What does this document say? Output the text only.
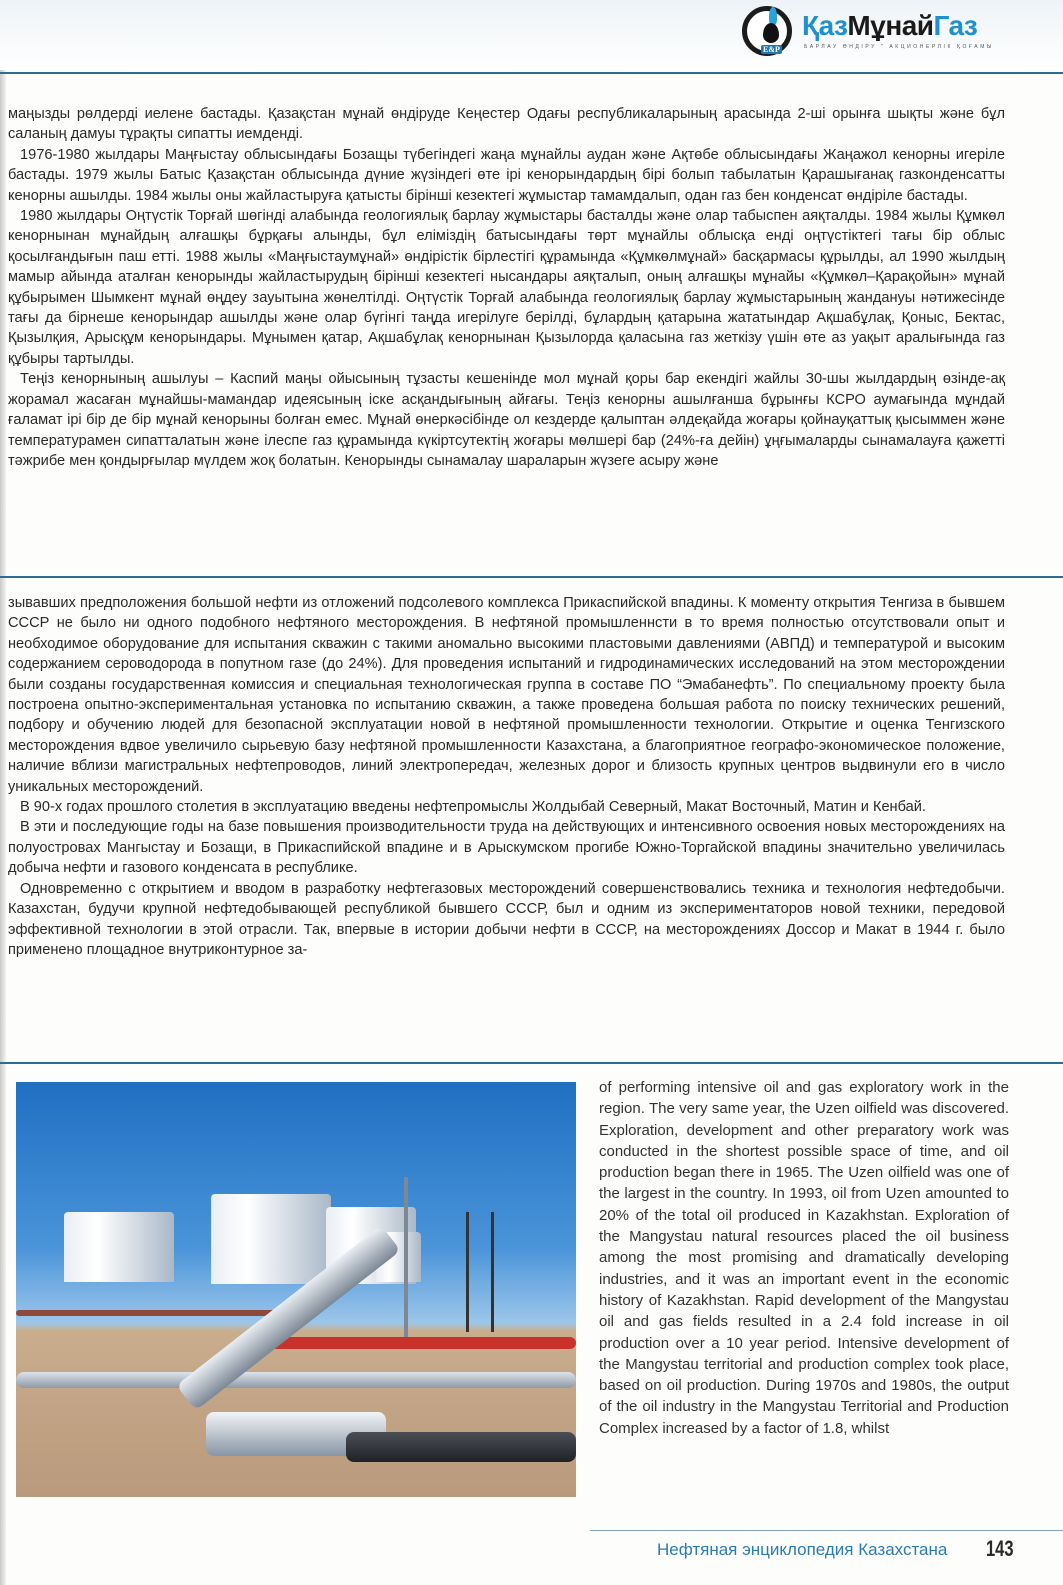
E&P
ҚазМұнайГаз
БАРЛАУ ӨНДІРУ " АКЦИОНЕРЛІК ҚОҒАМЫ

маңызды рөлдерді иелене бастады. Қазақстан мұнай өндіруде Кеңестер Одағы республикаларының арасында 2-ші орынға шықты және бұл саланың дамуы тұрақты сипатты иемденді.

1976-1980 жылдары Маңғыстау облысындағы Бозащы түбегіндегі жаңа мұнайлы аудан және Ақтөбе облысындағы Жаңажол кенорны игеріле бастады. 1979 жылы Батыс Қазақстан облысында дүние жүзіндегі өте ірі кенорындардың бірі болып табылатын Қарашығанақ газконденсатты кенорны ашылды. 1984 жылы оны жайластыруға қатысты бірінші кезектегі жұмыстар тамамдалып, одан газ бен конденсат өндіріле бастады.

1980 жылдары Оңтүстік Торғай шөгінді алабында геологиялық барлау жұмыстары басталды және олар табыспен аяқталды. 1984 жылы Құмкөл кенорнынан мұнайдың алғашқы бұрқағы алынды, бұл еліміздің батысындағы төрт мұнайлы облысқа енді оңтүстіктегі тағы бір облыс қосылғандығын паш етті. 1988 жылы «Маңғыстаумұнай» өндірістік бірлестігі құрамында «Құмкөлмұнай» басқармасы құрылды, ал 1990 жылдың мамыр айында аталған кенорынды жайластырудың бірінші кезектегі нысандары аяқталып, оның алғашқы мұнайы «Құмкөл–Қарақойын» мұнай құбырымен Шымкент мұнай өңдеу зауытына жөнелтілді. Оңтүстік Торғай алабында геологиялық барлау жұмыстарының жандануы нәтижесінде тағы да бірнеше кенорындар ашылды және олар бүгінгі таңда игерілуге берілді, бұлардың қатарына жататындар Ақшабұлақ, Қоныс, Бектас, Қызылқия, Арысқұм кенорындары. Мұнымен қатар, Ақшабұлақ кенорнынан Қызылорда қаласына газ жеткізу үшін өте аз уақыт аралығында газ құбыры тартылды.

Теңіз кенорнының ашылуы – Каспий маңы ойысының тұзасты кешенінде мол мұнай қоры бар екендігі жайлы 30-шы жылдардың өзінде-ақ жорамал жасаған мұнайшы-мамандар идеясының іске асқандығының айғағы. Теңіз кенорны ашылғанша бұрынғы КСРО аумағында мұндай ғаламат ірі бір де бір мұнай кенорыны болған емес. Мұнай өнеркәсібінде ол кездерде қалыптан әлдеқайда жоғары қойнауқаттық қысыммен және температурамен сипатталатын және ілеспе газ құрамында күкіртсутектің жоғары мөлшері бар (24%-ға дейін) ұңғымаларды сынамалауға қажетті тәжрибе мен қондырғылар мүлдем жоқ болатын. Кенорынды сынамалау шараларын жүзеге асыру және

зывавших предположения большой нефти из отложений подсолевого комплекса Прикаспийской впадины. К моменту открытия Тенгиза в бывшем СССР не было ни одного подобного нефтяного месторождения. В нефтяной промышленнсти в то время полностью отсутствовали опыт и необходимое оборудование для испытания скважин с такими аномально высокими пластовыми давлениями (АВПД) и температурой и высоким содержанием сероводорода в попутном газе (до 24%). Для проведения испытаний и гидродинамических исследований на этом месторождении были созданы государственная комиссия и специальная технологическая группа в составе ПО “Эмабанефть”. По специальному проекту была построена опытно-экспериментальная установка по испытанию скважин, а также проведена большая работа по поиску технических решений, подбору и обучению людей для безопасной эксплуатации новой в нефтяной промышленности технологии. Открытие и оценка Тенгизского месторождения вдвое увеличило сырьевую базу нефтяной промышленности Казахстана, а благоприятное географо-экономическое положение, наличие вблизи магистральных нефтепроводов, линий электропередач, железных дорог и близость крупных центров выдвинули его в число уникальных месторождений.

В 90-х годах прошлого столетия в эксплуатацию введены нефтепромыслы Жолдыбай Северный, Макат Восточный, Матин и Кенбай.

В эти и последующие годы на базе повышения производительности труда на действующих и интенсивного освоения новых месторождениях на полуостровах Мангыстау и Бозащи, в Прикаспийской впадине и в Арыскумском прогибе Южно-Торгайской впадины значительно увеличилась добыча нефти и газового конденсата в республике.

Одновременно с открытием и вводом в разработку нефтегазовых месторождений совершенствовались техника и технология нефтедобычи. Казахстан, будучи крупной нефтедобывающей республикой бывшего СССР, был и одним из экспериментаторов новой техники, передовой эффективной технологии в этой отрасли. Так, впервые в истории добычи нефти в СССР, на месторождениях Доссор и Макат в 1944 г. было применено площадное внутриконтурное за-

of performing intensive oil and gas exploratory work in the region. The very same year, the Uzen oilfield was discovered. Exploration, development and other preparatory work was conducted in the shortest possible space of time, and oil production began there in 1965. The Uzen oilfield was one of the largest in the country. In 1993, oil from Uzen amounted to 20% of the total oil produced in Kazakhstan. Exploration of the Mangystau natural resources placed the oil business among the most promising and dramatically developing industries, and it was an important event in the economic history of Kazakhstan. Rapid development of the Mangystau oil and gas fields resulted in a 2.4 fold increase in oil production over a 10 year period. Intensive development of the Mangystau territorial and production complex took place, based on oil production. During 1970s and 1980s, the output of the oil industry in the Mangystau Territorial and Production Complex increased by a factor of 1.8, whilst
Нефтяная энциклопедия Казахстана 143
